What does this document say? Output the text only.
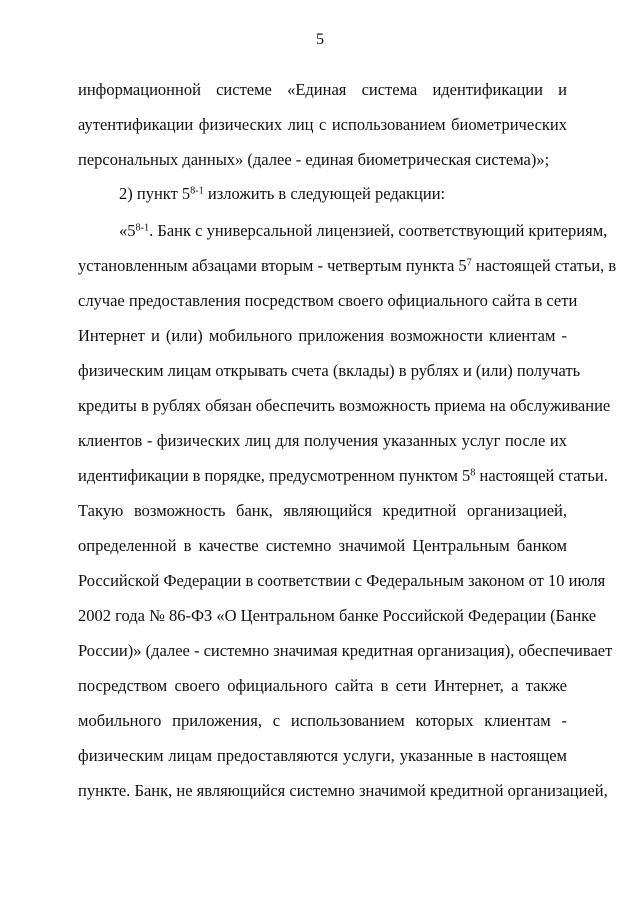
5
информационной системе «Единая система идентификации и
аутентификации физических лиц с использованием биометрических
персональных данных» (далее - единая биометрическая система)»;
2) пункт 5$^{8-1}$ изложить в следующей редакции:
«5$^{8-1}$. Банк с универсальной лицензией, соответствующий критериям,
установленным абзацами вторым - четвертым пункта $5^7$ настоящей статьи, в
случае предоставления посредством своего официального сайта в сети
Интернет и (или) мобильного приложения возможности клиентам -
физическим лицам открывать счета (вклады) в рублях и (или) получать
кредиты в рублях обязан обеспечить возможность приема на обслуживание
клиентов - физических лиц для получения указанных услуг после их
идентификации в порядке, предусмотренном пунктом $5^8$ настоящей статьи.
Такую возможность банк, являющийся кредитной организацией,
определенной в качестве системно значимой Центральным банком
Российской Федерации в соответствии с Федеральным законом от 10 июля
2002 года № 86-ФЗ «О Центральном банке Российской Федерации (Банке
России)» (далее - системно значимая кредитная организация), обеспечивает
посредством своего официального сайта в сети Интернет, а также
мобильного приложения, с использованием которых клиентам -
физическим лицам предоставляются услуги, указанные в настоящем
пункте. Банк, не являющийся системно значимой кредитной организацией,
